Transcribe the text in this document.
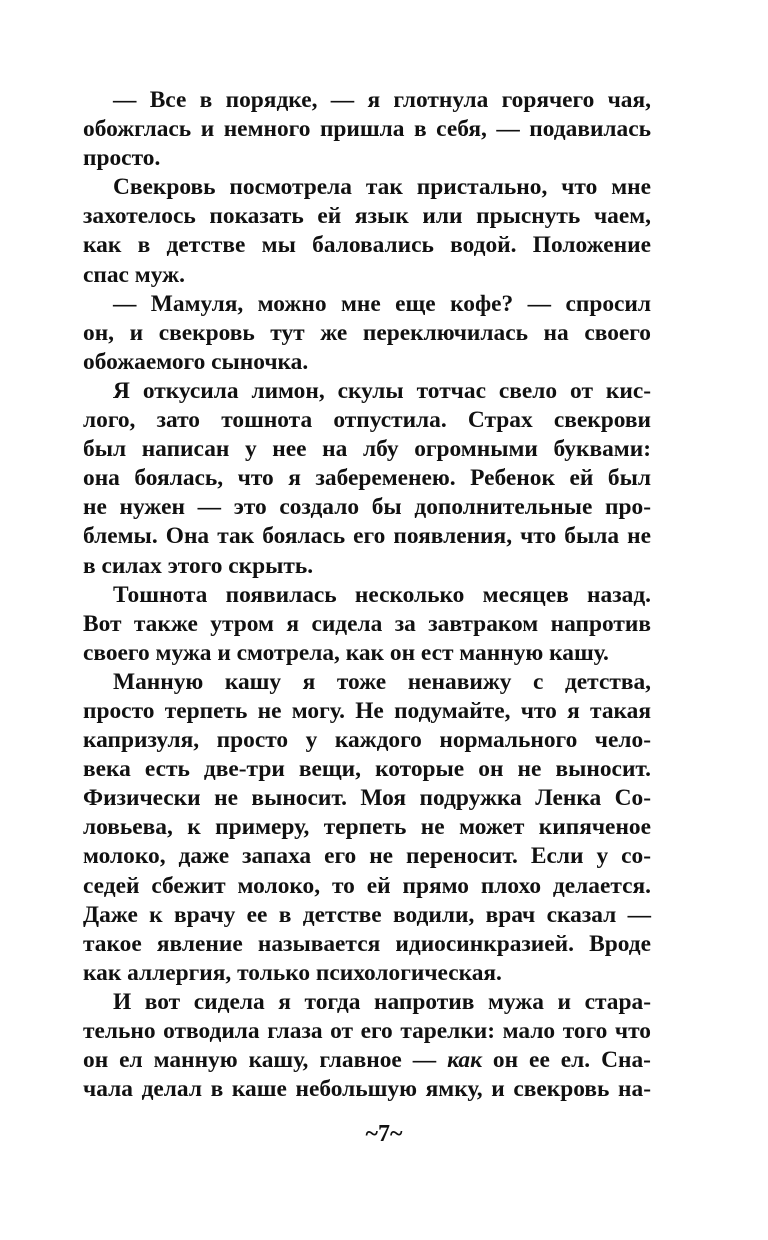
— Все в порядке, — я глотнула горячего чая,
обожглась и немного пришла в себя, — подавилась
просто.
Свекровь посмотрела так пристально, что мне
захотелось показать ей язык или прыснуть чаем,
как в детстве мы баловались водой. Положение
спас муж.
— Мамуля, можно мне еще кофе? — спросил
он, и свекровь тут же переключилась на своего
обожаемого сыночка.
Я откусила лимон, скулы тотчас свело от кис-
лого, зато тошнота отпустила. Страх свекрови
был написан у нее на лбу огромными буквами:
она боялась, что я забеременею. Ребенок ей был
не нужен — это создало бы дополнительные про-
блемы. Она так боялась его появления, что была не
в силах этого скрыть.
Тошнота появилась несколько месяцев назад.
Вот также утром я сидела за завтраком напротив
своего мужа и смотрела, как он ест манную кашу.
Манную кашу я тоже ненавижу с детства,
просто терпеть не могу. Не подумайте, что я такая
капризуля, просто у каждого нормального чело-
века есть две-три вещи, которые он не выносит.
Физически не выносит. Моя подружка Ленка Со-
ловьева, к примеру, терпеть не может кипяченое
молоко, даже запаха его не переносит. Если у со-
седей сбежит молоко, то ей прямо плохо делается.
Даже к врачу ее в детстве водили, врач сказал —
такое явление называется идиосинкразией. Вроде
как аллергия, только психологическая.
И вот сидела я тогда напротив мужа и стара-
тельно отводила глаза от его тарелки: мало того что
он ел манную кашу, главное — как он ее ел. Сна-
чала делал в каше небольшую ямку, и свекровь на-
~7~
